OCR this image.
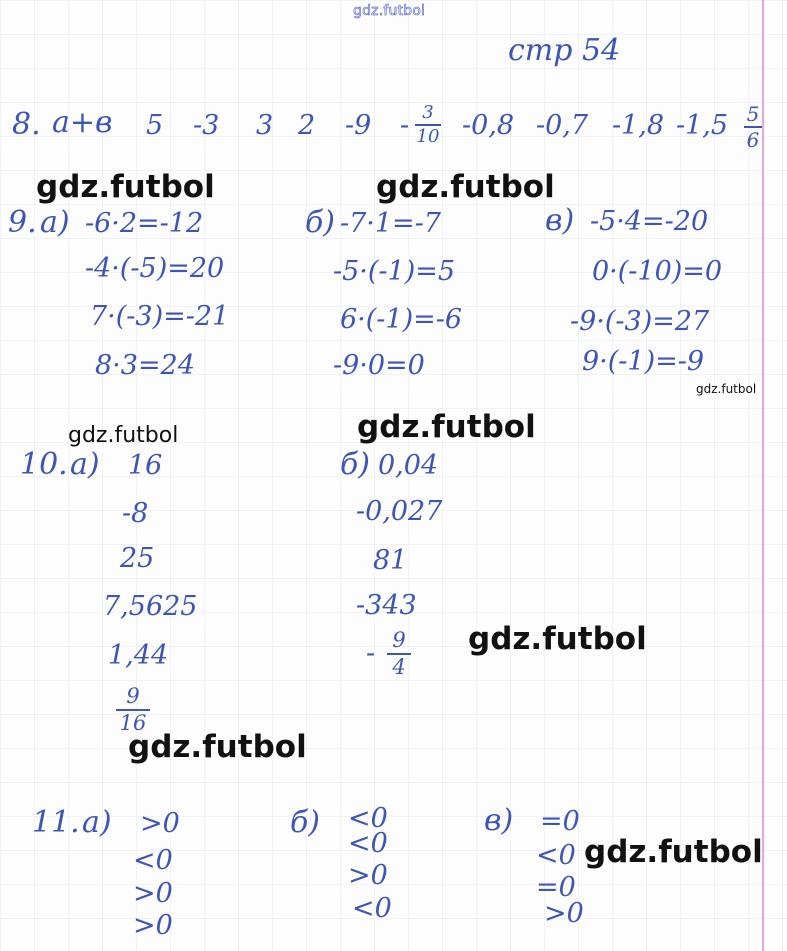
gdz.futbol
стр 54
8. a+в 5 -3 3 2 -9 - 3
10 -0,8 -0,7 -1,8 -1,5 5
6
gdz.futbol	gdz.futbol
9. а) -6·2=-12
-4·(-5)=20
7·(-3)=-21
8·3=24
б) -7·1=-7
-5·(-1)=5
6·(-1)=-6
-9·0=0
в) -5·4=-20
0·(-10)=0
-9·(-3)=27
9·(-1)=-9
gdz.futbol
gdz.futbol	gdz.futbol
10. а) 16
-8
25
7,5625
1,44
9
16
б) 0,04
-0,027
81
-343
- 9
4
gdz.futbol
gdz.futbol
11. а) >0
<0
>0
>0
б) <0
<0
>0
<0
в) =0
<0
=0
>0
gdz.futbol
